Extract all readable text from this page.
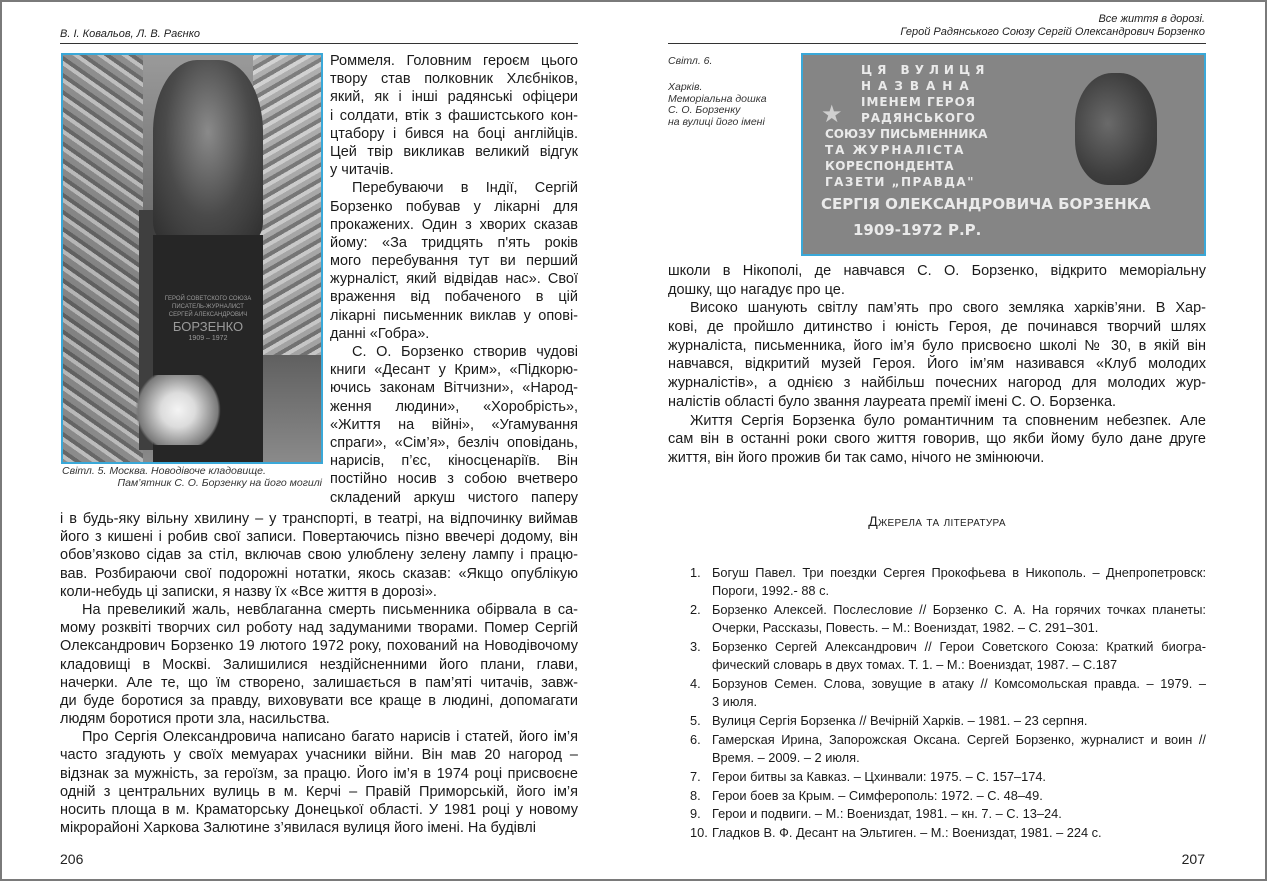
В. І. Ковальов, Л. В. Раєнко
ГЕРОЙ СОВЕТСКОГО СОЮЗА
ПИСАТЕЛЬ-ЖУРНАЛИСТ
СЕРГЕЙ АЛЕКСАНДРОВИЧ
БОРЗЕНКО
1909 – 1972
Світл. 5. Москва. Новодівоче кладовище.
Пам’ятник С. О. Борзенку на його могилі
Роммеля. Головним героєм цього
твору став полковник Хлєбніков,
який, як і інші радянські офіцери
і солдати, втік з фашистського кон-
цтабору і бився на боці англійців.
Цей твір викликав великий відгук
у читачів.
Перебуваючи в Індії, Сергій
Борзенко побував у лікарні для
прокажених. Один з хворих сказав
йому: «За тридцять п'ять років
мого перебування тут ви перший
журналіст, який відвідав нас». Свої
враження від побаченого в цій
лікарні письменник виклав у опові-
данні «Гобра».
С. О. Борзенко створив чудові
книги «Десант у Крим», «Підкорю-
ючись законам Вітчизни», «Народ-
ження людини», «Хоробрість»,
«Життя на війні», «Угамування
спраги», «Сім’я», безліч оповідань,
нарисів, п’єс, кіносценаріїв. Він
постійно носив з собою вчетверо
складений аркуш чистого паперу
і в будь-яку вільну хвилину – у транспорті, в театрі, на відпочинку виймав
його з кишені і робив свої записи. Повертаючись пізно ввечері додому, він
обов’язково сідав за стіл, включав свою улюблену зелену лампу і працю-
вав. Розбираючи свої подорожні нотатки, якось сказав: «Якщо опублікую
коли-небудь ці записки, я назву їх «Все життя в дорозі».
На превеликий жаль, невблаганна смерть письменника обірвала в са-
мому розквіті творчих сил роботу над задуманими творами. Помер Сергій
Олександрович Борзенко 19 лютого 1972 року, похований на Новодівочому
кладовищі в Москві. Залишилися нездійсненними його плани, глави,
начерки. Але те, що їм створено, залишається в пам’яті читачів, завж-
ди буде боротися за правду, виховувати все краще в людині, допомагати
людям боротися проти зла, насильства.
Про Сергія Олександровича написано багато нарисів і статей, його ім’я
часто згадують у своїх мемуарах учасники війни. Він мав 20 нагород –
відзнак за мужність, за героїзм, за працю. Його ім’я в 1974 році присвоєне
одній з центральних вулиць в м. Керчі – Правій Приморській, його ім’я
носить площа в м. Краматорську Донецької області. У 1981 році у новому
мікрорайоні Харкова Залютине з’явилася вулиця його імені. На будівлі
206
Все життя в дорозі.
Герой Радянського Союзу Сергій Олександрович Борзенко
Світл. 6.
Харків.
Меморіальна дошка
С. О. Борзенку
на вулиці його імені ★
ЦЯ ВУЛИЦЯ
НАЗВАНА
ІМЕНЕМ ГЕРОЯ
РАДЯНСЬКОГО
СОЮЗУ ПИСЬМЕННИКА
ТА ЖУРНАЛІСТА
КОРЕСПОНДЕНТА
ГАЗЕТИ „ПРАВДА"
СЕРГІЯ ОЛЕКСАНДРОВИЧА БОРЗЕНКА
1909-1972 Р.Р.
школи в Нікополі, де навчався С. О. Борзенко, відкрито меморіальну
дошку, що нагадує про це.
Високо шанують світлу пам’ять про свого земляка харків’яни. В Хар-
кові, де пройшло дитинство і юність Героя, де починався творчий шлях
журналіста, письменника, його ім’я було присвоєно школі № 30, в якій він
навчався, відкритий музей Героя. Його ім’ям називався «Клуб молодих
журналістів», а однією з найбільш почесних нагород для молодих жур-
налістів області було звання лауреата премії імені С. О. Борзенка.
Життя Сергія Борзенка було романтичним та сповненим небезпек. Але
сам він в останні роки свого життя говорив, що якби йому було дане друге
життя, він його прожив би так само, нічого не змінюючи.
Джерела та література
1. Богуш Павел. Три поездки Сергея Прокофьева в Никополь. – Днепропетровск:
Пороги, 1992.- 88 с.
2. Борзенко Алексей. Послесловие // Борзенко С. А. На горячих точках планеты:
Очерки, Рассказы, Повесть. – М.: Воениздат, 1982. – С. 291–301.
3. Борзенко Сергей Александрович // Герои Советского Союза: Краткий биогра-
фический словарь в двух томах. Т. 1. – М.: Воениздат, 1987. – С.187
4. Борзунов Семен. Слова, зовущие в атаку // Комсомольская правда. – 1979. –
3 июля.
5. Вулиця Сергія Борзенка // Вечірній Харків. – 1981. – 23 серпня.
6. Гамерская Ирина, Запорожская Оксана. Сергей Борзенко, журналист и воин //
Время. – 2009. – 2 июля.
7. Герои битвы за Кавказ. – Цхинвали: 1975. – С. 157–174.
8. Герои боев за Крым. – Симферополь: 1972. – С. 48–49.
9. Герои и подвиги. – М.: Воениздат, 1981. – кн. 7. – С. 13–24.
10. Гладков В. Ф. Десант на Эльтиген. – М.: Воениздат, 1981. – 224 с.
207
